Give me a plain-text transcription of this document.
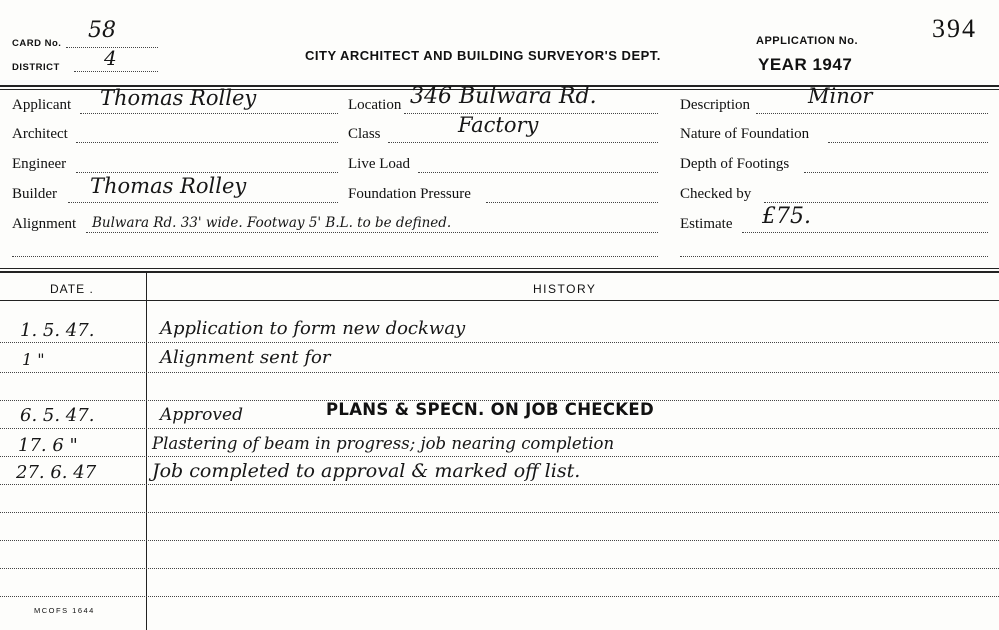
CARD No.
58
DISTRICT 4	CITY ARCHITECT AND BUILDING SURVEYOR'S DEPT.
APPLICATION No.	394
YEAR 1947
Applicant Thomas Rolley
Architect
Engineer
Builder Thomas Rolley
Alignment Bulwara Rd. 33' wide. Footway 5' B.L. to be defined.
Location 346 Bulwara Rd.
Class	Factory
Live Load
Foundation Pressure
Description	Minor
Nature of Foundation
Depth of Footings
Checked by
Estimate £75.
DATE .	HISTORY
1. 5. 47.	Application to form new dockway
1 "	Alignment sent for
6. 5. 47.	Approved	PLANS & SPECN. ON JOB CHECKED
17. 6 "	Plastering of beam in progress; job nearing completion
27. 6. 47	Job completed to approval & marked off list.
MCOFS 1644
